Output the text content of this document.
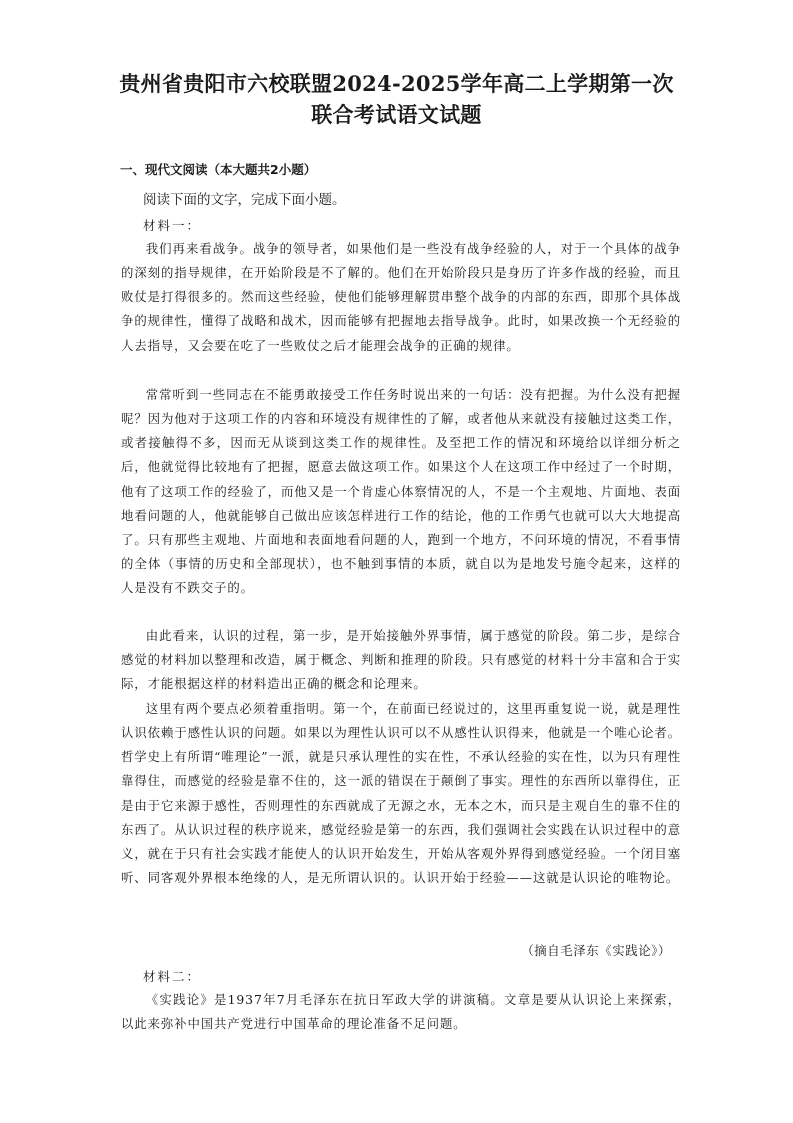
贵州省贵阳市六校联盟2024-2025学年高二上学期第一次
联合考试语文试题
一、现代文阅读（本大题共2小题）
阅读下面的文字，完成下面小题。
材料一：

我们再来看战争。战争的领导者，如果他们是一些没有战争经验的人，对于一个具体的战争的深刻的指导规律，在开始阶段是不了解的。他们在开始阶段只是身历了许多作战的经验，而且败仗是打得很多的。然而这些经验，使他们能够理解贯串整个战争的内部的东西，即那个具体战争的规律性，懂得了战略和战术，因而能够有把握地去指导战争。此时，如果改换一个无经验的人去指导，又会要在吃了一些败仗之后才能理会战争的正确的规律。

常常听到一些同志在不能勇敢接受工作任务时说出来的一句话：没有把握。为什么没有把握呢？因为他对于这项工作的内容和环境没有规律性的了解，或者他从来就没有接触过这类工作，或者接触得不多，因而无从谈到这类工作的规律性。及至把工作的情况和环境给以详细分析之后，他就觉得比较地有了把握，愿意去做这项工作。如果这个人在这项工作中经过了一个时期，他有了这项工作的经验了，而他又是一个肯虚心体察情况的人，不是一个主观地、片面地、表面地看问题的人，他就能够自己做出应该怎样进行工作的结论，他的工作勇气也就可以大大地提高了。只有那些主观地、片面地和表面地看问题的人，跑到一个地方，不问环境的情况，不看事情的全体（事情的历史和全部现状），也不触到事情的本质，就自以为是地发号施令起来，这样的人是没有不跌交子的。

由此看来，认识的过程，第一步，是开始接触外界事情，属于感觉的阶段。第二步，是综合感觉的材料加以整理和改造，属于概念、判断和推理的阶段。只有感觉的材料十分丰富和合于实际，才能根据这样的材料造出正确的概念和论理来。

这里有两个要点必须着重指明。第一个，在前面已经说过的，这里再重复说一说，就是理性认识依赖于感性认识的问题。如果以为理性认识可以不从感性认识得来，他就是一个唯心论者。哲学史上有所谓“唯理论”一派，就是只承认理性的实在性，不承认经验的实在性，以为只有理性靠得住，而感觉的经验是靠不住的，这一派的错误在于颠倒了事实。理性的东西所以靠得住，正是由于它来源于感性，否则理性的东西就成了无源之水，无本之木，而只是主观自生的靠不住的东西了。从认识过程的秩序说来，感觉经验是第一的东西，我们强调社会实践在认识过程中的意义，就在于只有社会实践才能使人的认识开始发生，开始从客观外界得到感觉经验。一个闭目塞听、同客观外界根本绝缘的人，是无所谓认识的。认识开始于经验——这就是认识论的唯物论。

（摘自毛泽东《实践论》）
材料二：

《实践论》是1937年7月毛泽东在抗日军政大学的讲演稿。文章是要从认识论上来探索，以此来弥补中国共产党进行中国革命的理论准备不足问题。
